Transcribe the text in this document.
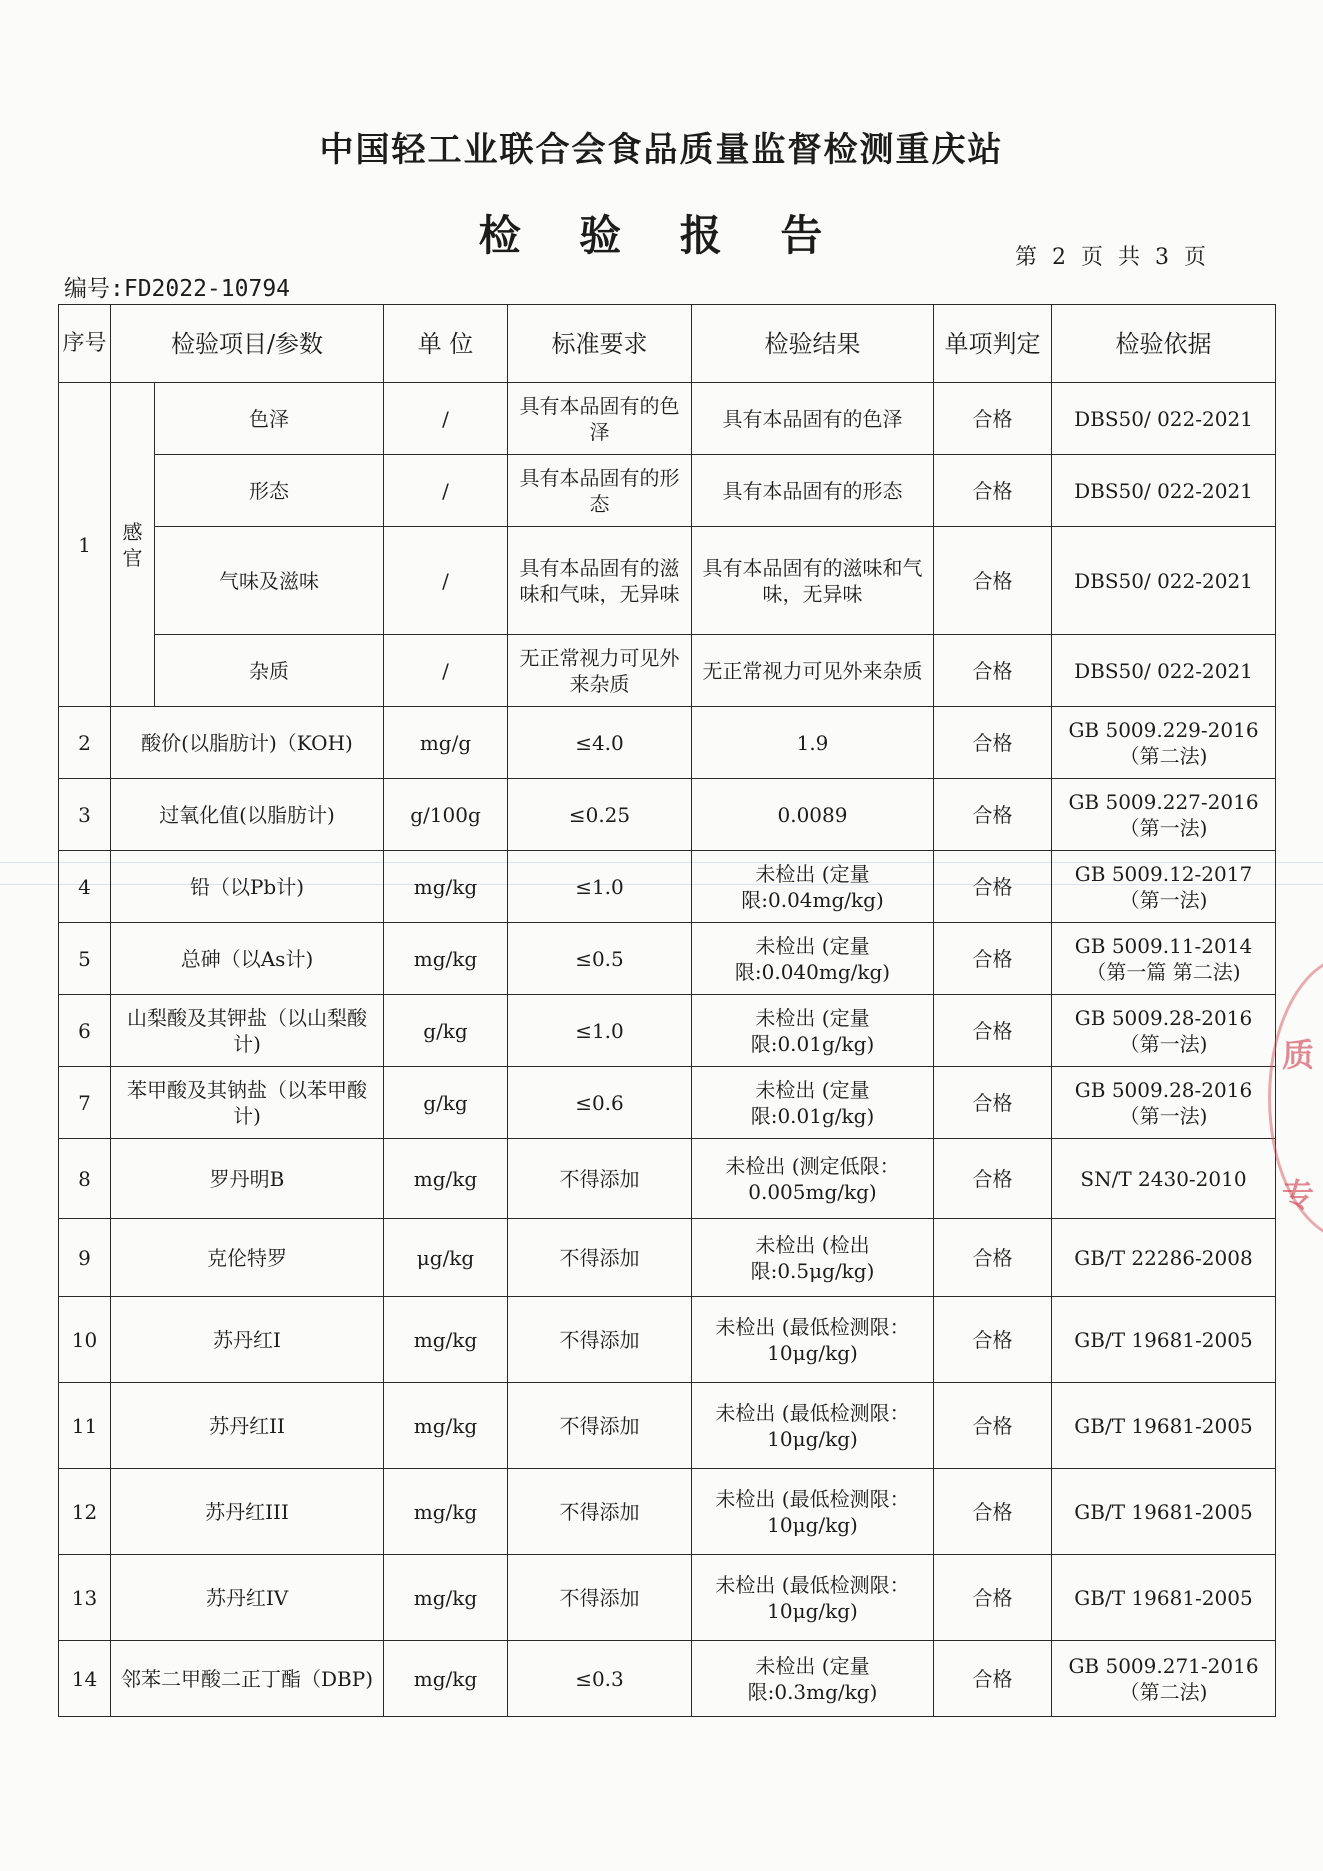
中国轻工业联合会食品质量监督检测重庆站
检 验 报 告	第 2 页 共 3 页
编号:FD2022-10794
序号	检验项目/参数		单 位	标准要求	检验结果	单项判定	检验依据
1	感官	色泽	/	具有本品固有的色泽	具有本品固有的色泽	合格	DBS50/ 022-2021
		形态	/	具有本品固有的形态	具有本品固有的形态	合格	DBS50/ 022-2021
		气味及滋味	/	具有本品固有的滋味和气味，无异味	具有本品固有的滋味和气味，无异味	合格	DBS50/ 022-2021
		杂质	/	无正常视力可见外来杂质	无正常视力可见外来杂质	合格	DBS50/ 022-2021
2	酸价(以脂肪计)（KOH)		mg/g	≤4.0	1.9	合格	GB 5009.229-2016（第二法)
3	过氧化值(以脂肪计)		g/100g	≤0.25	0.0089	合格	GB 5009.227-2016（第一法)
4	铅（以Pb计)		mg/kg	≤1.0	未检出 (定量限:0.04mg/kg)	合格	GB 5009.12-2017（第一法)
5	总砷（以As计)		mg/kg	≤0.5	未检出 (定量限:0.040mg/kg)	合格	GB 5009.11-2014（第一篇 第二法)
6	山梨酸及其钾盐（以山梨酸计)		g/kg	≤1.0	未检出 (定量限:0.01g/kg)	合格	GB 5009.28-2016（第一法)
7	苯甲酸及其钠盐（以苯甲酸计)		g/kg	≤0.6	未检出 (定量限:0.01g/kg)	合格	GB 5009.28-2016（第一法)
8	罗丹明B		mg/kg	不得添加	未检出 (测定低限：0.005mg/kg)	合格	SN/T 2430-2010
9	克伦特罗		μg/kg	不得添加	未检出 (检出限:0.5μg/kg)	合格	GB/T 22286-2008
10	苏丹红I		mg/kg	不得添加	未检出 (最低检测限：10μg/kg)	合格	GB/T 19681-2005
11	苏丹红II		mg/kg	不得添加	未检出 (最低检测限：10μg/kg)	合格	GB/T 19681-2005
12	苏丹红III		mg/kg	不得添加	未检出 (最低检测限：10μg/kg)	合格	GB/T 19681-2005
13	苏丹红IV		mg/kg	不得添加	未检出 (最低检测限：10μg/kg)	合格	GB/T 19681-2005
14	邻苯二甲酸二正丁酯（DBP)		mg/kg	≤0.3	未检出 (定量限:0.3mg/kg)	合格	GB 5009.271-2016（第二法)
质
专
